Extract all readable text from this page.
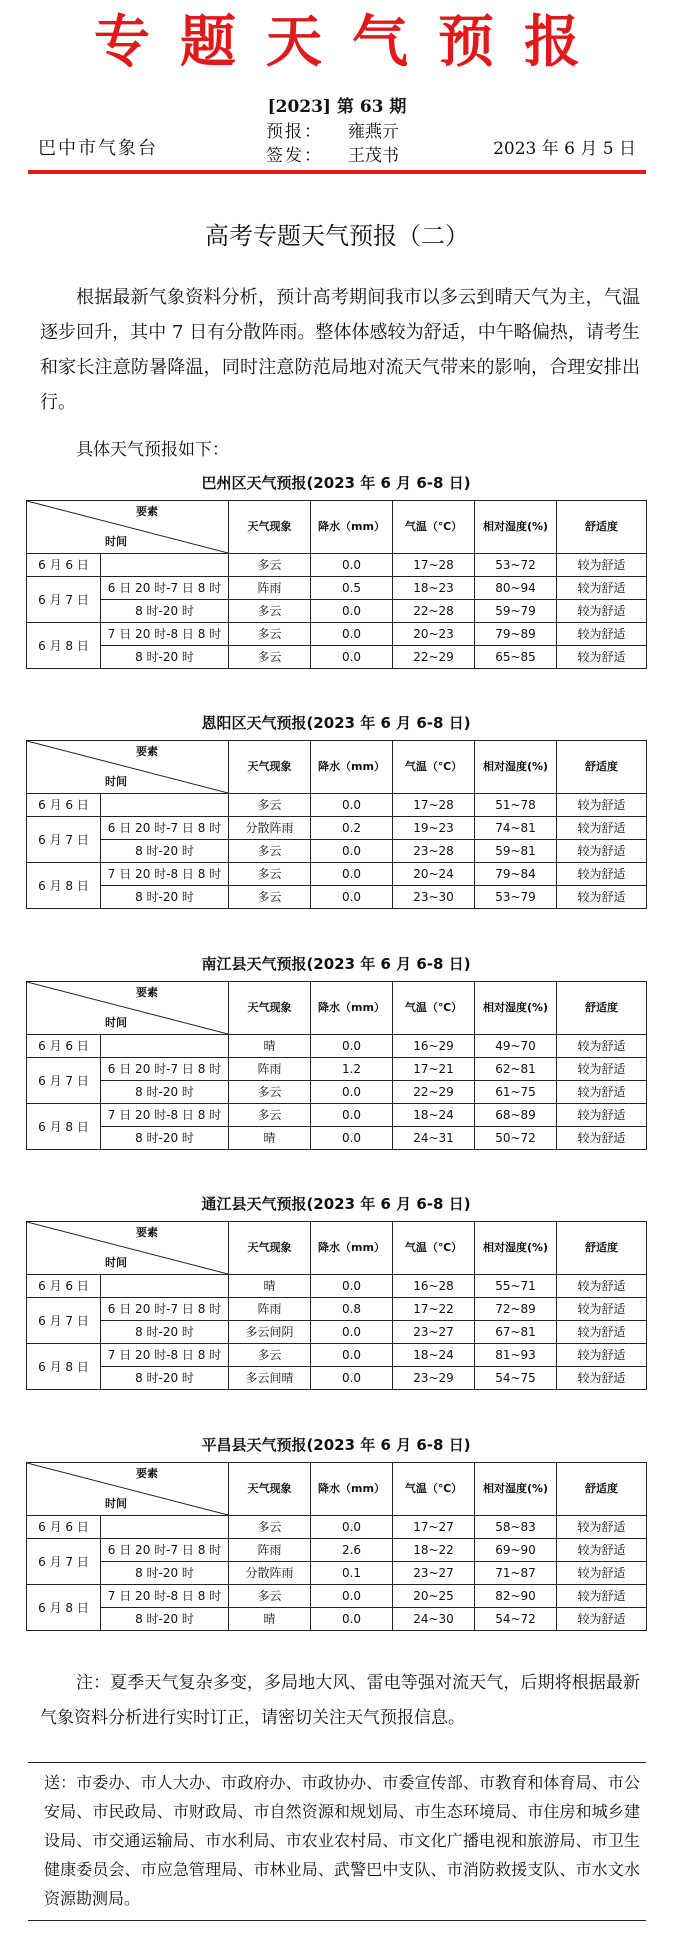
专题天气预报
[2023] 第 63 期
巴中市气象台
预报： 雍燕亓
签发： 王茂书	2023 年 6 月 5 日
高考专题天气预报（二）

根据最新气象资料分析，预计高考期间我市以多云到晴天气为主，气温逐步回升，其中 7 日有分散阵雨。整体体感较为舒适，中午略偏热，请考生和家长注意防暑降温，同时注意防范局地对流天气带来的影响，合理安排出行。

具体天气预报如下：
巴州区天气预报(2023 年 6 月 6-8 日)
要素
时间		天气现象	降水（mm）	气温（℃）	相对湿度(%)	舒适度
6 月 6 日		多云	0.0	17~28	53~72	较为舒适
6 月 7 日	6 日 20 时-7 日 8 时	阵雨	0.5	18~23	80~94	较为舒适
	8 时-20 时	多云	0.0	22~28	59~79	较为舒适
6 月 8 日	7 日 20 时-8 日 8 时	多云	0.0	20~23	79~89	较为舒适
	8 时-20 时	多云	0.0	22~29	65~85	较为舒适
恩阳区天气预报(2023 年 6 月 6-8 日)
要素
时间		天气现象	降水（mm）	气温（℃）	相对湿度(%)	舒适度
6 月 6 日		多云	0.0	17~28	51~78	较为舒适
6 月 7 日	6 日 20 时-7 日 8 时	分散阵雨	0.2	19~23	74~81	较为舒适
	8 时-20 时	多云	0.0	23~28	59~81	较为舒适
6 月 8 日	7 日 20 时-8 日 8 时	多云	0.0	20~24	79~84	较为舒适
	8 时-20 时	多云	0.0	23~30	53~79	较为舒适
南江县天气预报(2023 年 6 月 6-8 日)
要素
时间		天气现象	降水（mm）	气温（℃）	相对湿度(%)	舒适度
6 月 6 日		晴	0.0	16~29	49~70	较为舒适
6 月 7 日	6 日 20 时-7 日 8 时	阵雨	1.2	17~21	62~81	较为舒适
	8 时-20 时	多云	0.0	22~29	61~75	较为舒适
6 月 8 日	7 日 20 时-8 日 8 时	多云	0.0	18~24	68~89	较为舒适
	8 时-20 时	晴	0.0	24~31	50~72	较为舒适
通江县天气预报(2023 年 6 月 6-8 日)
要素
时间		天气现象	降水（mm）	气温（℃）	相对湿度(%)	舒适度
6 月 6 日		晴	0.0	16~28	55~71	较为舒适
6 月 7 日	6 日 20 时-7 日 8 时	阵雨	0.8	17~22	72~89	较为舒适
	8 时-20 时	多云间阴	0.0	23~27	67~81	较为舒适
6 月 8 日	7 日 20 时-8 日 8 时	多云	0.0	18~24	81~93	较为舒适
	8 时-20 时	多云间晴	0.0	23~29	54~75	较为舒适
平昌县天气预报(2023 年 6 月 6-8 日)
要素
时间		天气现象	降水（mm）	气温（℃）	相对湿度(%)	舒适度
6 月 6 日		多云	0.0	17~27	58~83	较为舒适
6 月 7 日	6 日 20 时-7 日 8 时	阵雨	2.6	18~22	69~90	较为舒适
	8 时-20 时	分散阵雨	0.1	23~27	71~87	较为舒适
6 月 8 日	7 日 20 时-8 日 8 时	多云	0.0	20~25	82~90	较为舒适
	8 时-20 时	晴	0.0	24~30	54~72	较为舒适

注：夏季天气复杂多变，多局地大风、雷电等强对流天气，后期将根据最新气象资料分析进行实时订正，请密切关注天气预报信息。

送：市委办、市人大办、市政府办、市政协办、市委宣传部、市教育和体育局、市公安局、市民政局、市财政局、市自然资源和规划局、市生态环境局、市住房和城乡建设局、市交通运输局、市水利局、市农业农村局、市文化广播电视和旅游局、市卫生健康委员会、市应急管理局、市林业局、武警巴中支队、市消防救援支队、市水文水资源勘测局。
